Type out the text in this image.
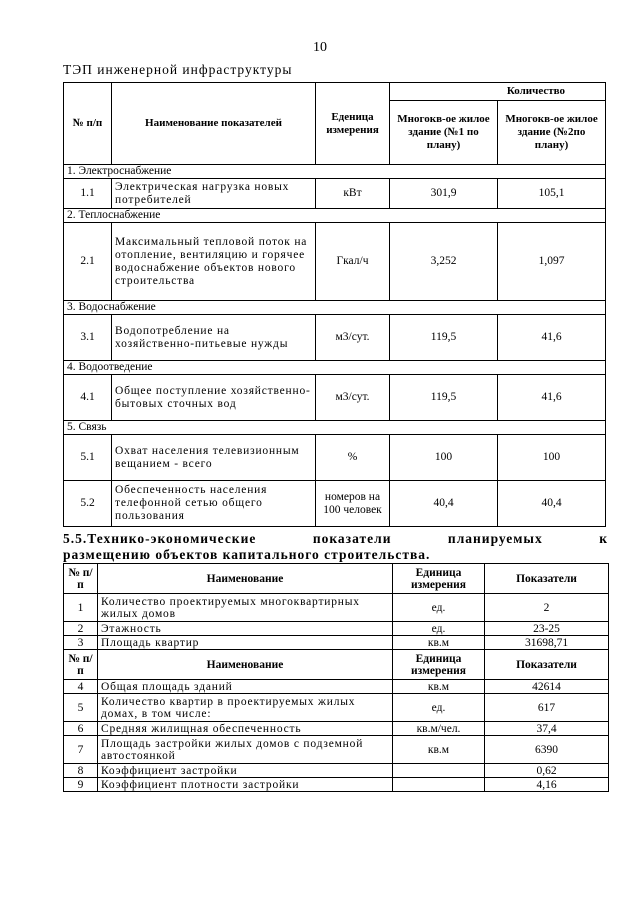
10
ТЭП инженерной инфраструктуры
№ п/п	Наименование показателей	Еденица измерения	Количество	
			Многокв-ое жилое здание (№1 по плану)	Многокв-ое жилое здание (№2по плану)
1. Электроснабжение				
1.1	Электрическая нагрузка новых потребителей	кВт	301,9	105,1
2. Теплоснабжение				
2.1	Максимальный тепловой поток на отопление, вентиляцию и горячее водоснабжение объектов нового строительства	Гкал/ч	3,252	1,097
3. Водоснабжение				
3.1	Водопотребление на хозяйственно-питьевые нужды	м3/сут.	119,5	41,6
4. Водоотведение				
4.1	Общее поступление хозяйственно-бытовых сточных вод	м3/сут.	119,5	41,6
5. Связь				
5.1	Охват населения телевизионным вещанием - всего	%	100	100
5.2	Обеспеченность населения телефонной сетью общего пользования	номеров на 100 человек	40,4	40,4
5.5.Технико-экономические	показатели	планируемых	к
размещению объектов капитального строительства.
№ п/п	Наименование	Единица измерения	Показатели
1	Количество проектируемых многоквартирных жилых домов	ед.	2
2	Этажность	ед.	23-25
3	Площадь квартир	кв.м	31698,71
№ п/п	Наименование	Единица измерения	Показатели
4	Общая площадь зданий	кв.м	42614
5	Количество квартир в проектируемых жилых домах, в том числе:	ед.	617
6	Средняя жилищная обеспеченность	кв.м/чел.	37,4
7	Площадь застройки жилых домов с подземной автостоянкой	кв.м	6390
8	Коэффициент застройки		0,62
9	Коэффициент плотности застройки		4,16
